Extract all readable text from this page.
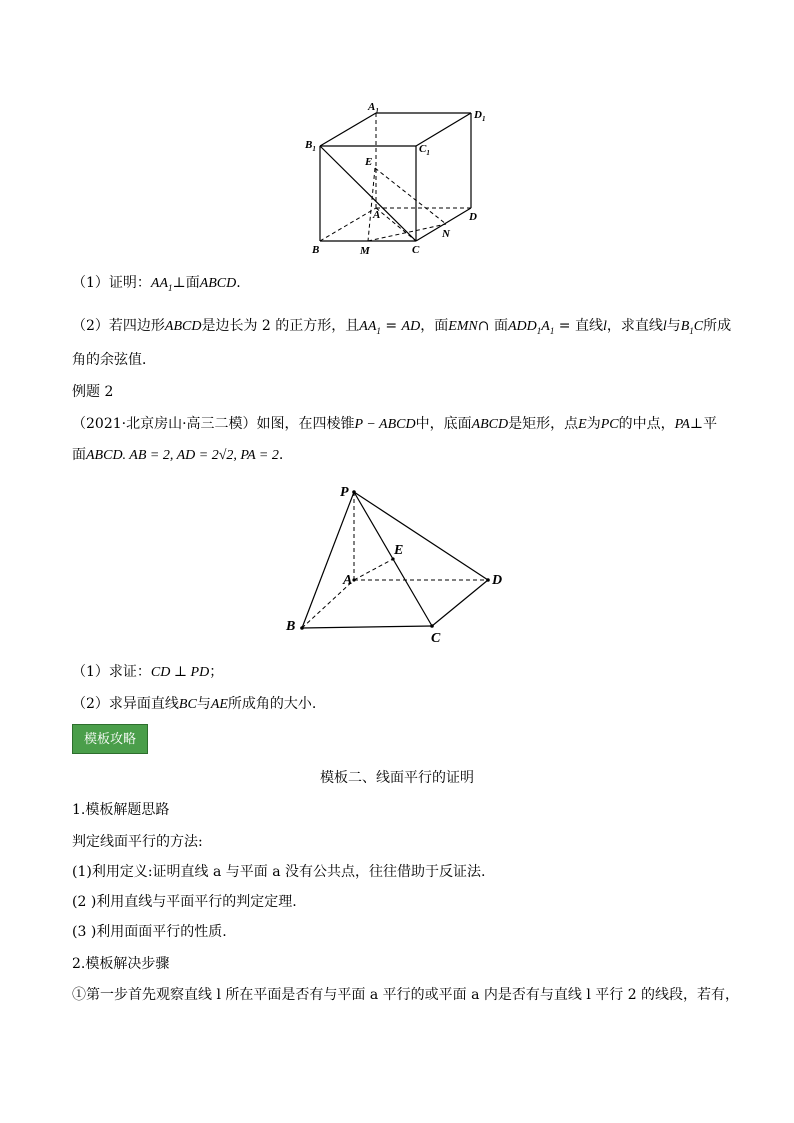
$A_1$	$D_1$
$B_1$	$C_1$
E
A	D
N
B	M	C
（1）证明：$AA_1\perp$面ABCD.
（2）若四边形ABCD是边长为 2 的正方形，且$AA_1$ = AD，面EMN∩ 面$ADD_1A_1$ = 直线l，求直线l与$B_1C$所成
角的余弦值．
例题 2
（2021·北京房山·高三二模）如图，在四棱锥P − ABCD中，底面ABCD是矩形，点E为PC的中点，PA⊥平
面ABCD. AB = 2, AD = 2√2, PA = 2.
P
E
A	D
B
C
（1）求证：CD ⊥ PD；
（2）求异面直线BC与AE所成角的大小.
模板攻略
模板二、线面平行的证明
1.模板解题思路
判定线面平行的方法:
(1)利用定义:证明直线 a 与平面 a 没有公共点，往往借助于反证法.
(2 )利用直线与平面平行的判定定理.
(3 )利用面面平行的性质.
2.模板解决步骤
①第一步首先观察直线 l 所在平面是否有与平面 a 平行的或平面 a 内是否有与直线 l 平行 2 的线段，若有，
